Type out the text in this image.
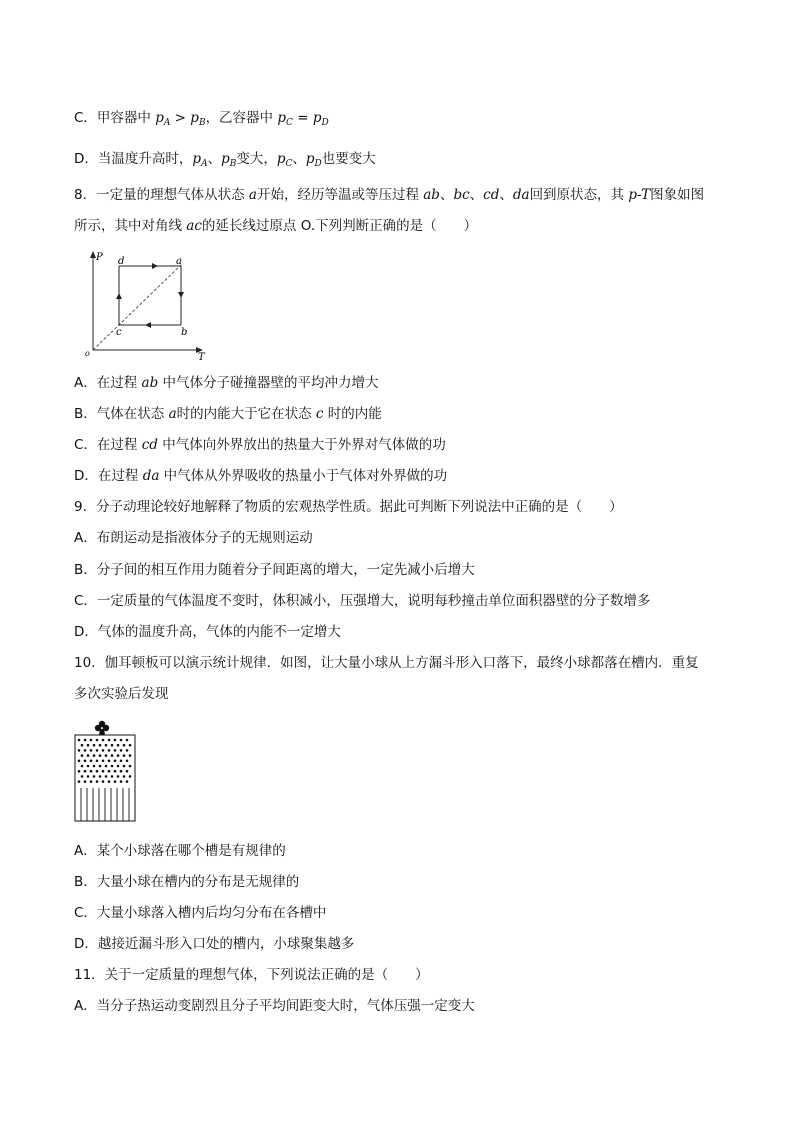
C．甲容器中 $p_A > p_B$，乙容器中 $p_C = p_D$
D．当温度升高时，$p_A$、$p_B$变大，$p_C$、$p_D$也要变大
8．一定量的理想气体从状态 a开始，经历等温或等压过程 ab、bc、cd、da回到原状态，其 p-T图象如图
所示，其中对角线 ac的延长线过原点 O.下列判断正确的是（　　）
P
T
o
d	a
b
c
A．在过程 ab 中气体分子碰撞器壁的平均冲力增大
B．气体在状态 a时的内能大于它在状态 c 时的内能
C．在过程 cd 中气体向外界放出的热量大于外界对气体做的功
D．在过程 da 中气体从外界吸收的热量小于气体对外界做的功
9．分子动理论较好地解释了物质的宏观热学性质。据此可判断下列说法中正确的是（　　）
A．布朗运动是指液体分子的无规则运动
B．分子间的相互作用力随着分子间距离的增大，一定先减小后增大
C．一定质量的气体温度不变时，体积减小，压强增大，说明每秒撞击单位面积器壁的分子数增多
D．气体的温度升高，气体的内能不一定增大
10．伽耳顿板可以演示统计规律．如图，让大量小球从上方漏斗形入口落下，最终小球都落在槽内．重复
多次实验后发现
A．某个小球落在哪个槽是有规律的
B．大量小球在槽内的分布是无规律的
C．大量小球落入槽内后均匀分布在各槽中
D．越接近漏斗形入口处的槽内，小球聚集越多
11．关于一定质量的理想气体，下列说法正确的是（　　）
A．当分子热运动变剧烈且分子平均间距变大时，气体压强一定变大
